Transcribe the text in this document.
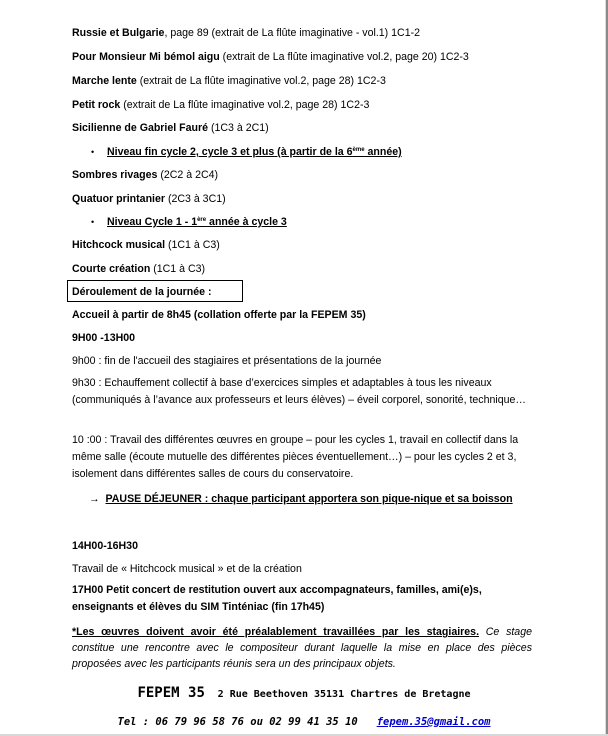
Russie et Bulgarie, page 89 (extrait de La flûte imaginative - vol.1) 1C1-2
Pour Monsieur Mi bémol aigu (extrait de La flûte imaginative vol.2, page 20) 1C2-3
Marche lente (extrait de La flûte imaginative vol.2, page 28) 1C2-3
Petit rock (extrait de La flûte imaginative vol.2, page 28) 1C2-3
Sicilienne de Gabriel Fauré (1C3 à 2C1)
• Niveau fin cycle 2, cycle 3 et plus (à partir de la 6ème année)
Sombres rivages (2C2 à 2C4)
Quatuor printanier (2C3 à 3C1)
• Niveau Cycle 1 - 1ère année à cycle 3
Hitchcock musical (1C1 à C3)
Courte création (1C1 à C3)
Déroulement de la journée :
Accueil à partir de 8h45 (collation offerte par la FEPEM 35)
9H00 -13H00
9h00 : fin de l'accueil des stagiaires et présentations de la journée
9h30 : Echauffement collectif à base d’exercices simples et adaptables à tous les niveaux (communiqués à l’avance aux professeurs et leurs élèves) – éveil corporel, sonorité, technique…
10 :00 : Travail des différentes œuvres en groupe – pour les cycles 1, travail en collectif dans la même salle (écoute mutuelle des différentes pièces éventuellement…) – pour les cycles 2 et 3, isolement dans différentes salles de cours du conservatoire.
→ PAUSE DÉJEUNER : chaque participant apportera son pique-nique et sa boisson
14H00-16H30
Travail de « Hitchcock musical » et de la création
17H00 Petit concert de restitution ouvert aux accompagnateurs, familles, ami(e)s, enseignants et élèves du SIM Tinténiac (fin 17h45)
*Les œuvres doivent avoir été préalablement travaillées par les stagiaires. Ce stage constitue une rencontre avec le compositeur durant laquelle la mise en place des pièces proposées avec les participants réunis sera un des principaux objets.
FEPEM 35 2 Rue Beethoven 35131 Chartres de Bretagne
Tel : 06 79 96 58 76 ou 02 99 41 35 10 fepem.35@gmail.com
